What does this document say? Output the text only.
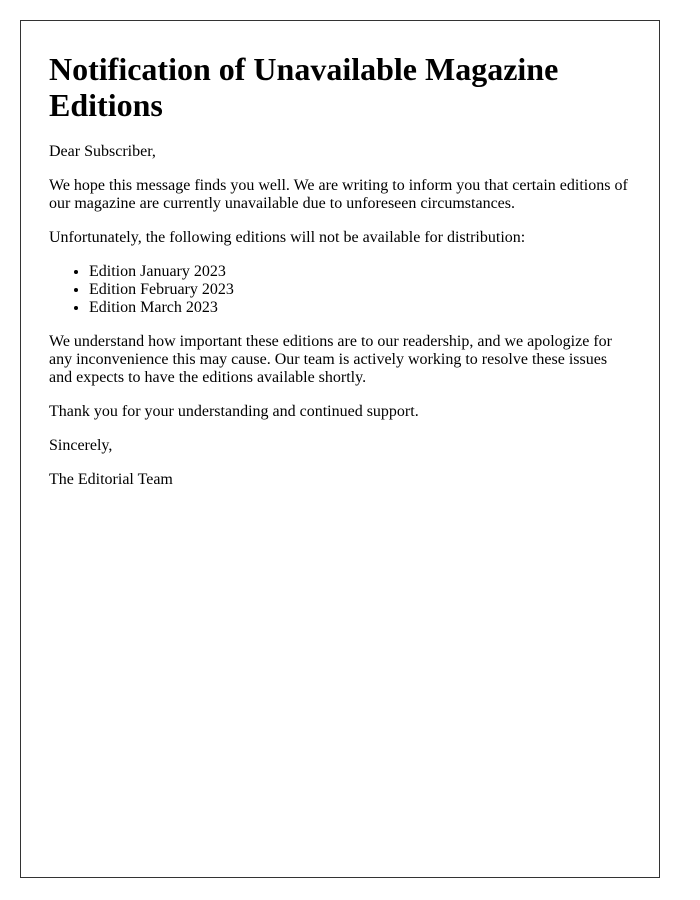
Notification of Unavailable Magazine Editions

Dear Subscriber,

We hope this message finds you well. We are writing to inform you that certain editions of our magazine are currently unavailable due to unforeseen circumstances.

Unfortunately, the following editions will not be available for distribution:

• Edition January 2023
• Edition February 2023
• Edition March 2023

We understand how important these editions are to our readership, and we apologize for any inconvenience this may cause. Our team is actively working to resolve these issues and expects to have the editions available shortly.

Thank you for your understanding and continued support.

Sincerely,

The Editorial Team
